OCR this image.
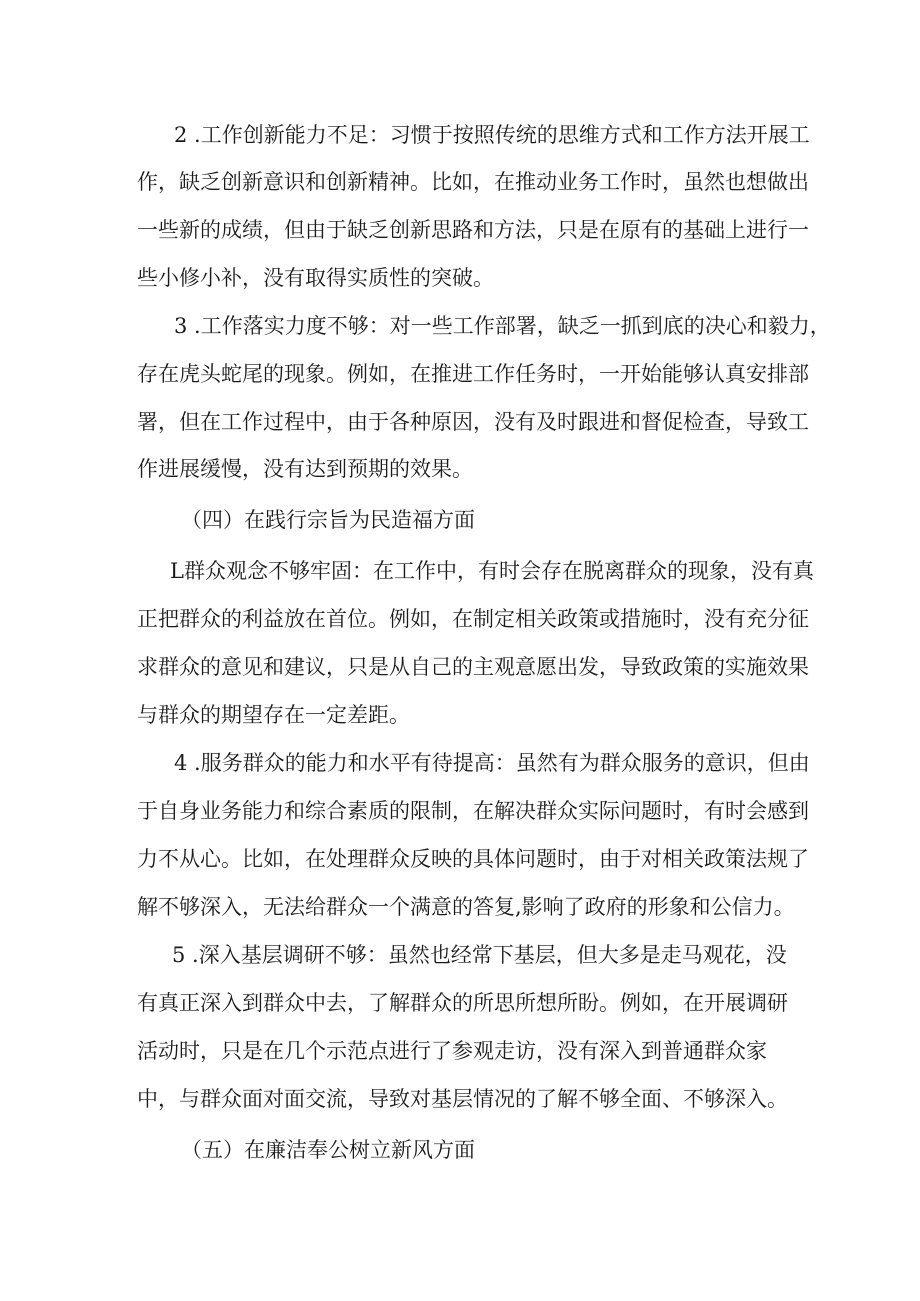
2 .工作创新能力不足：习惯于按照传统的思维方式和工作方法开展工
作，缺乏创新意识和创新精神。比如，在推动业务工作时，虽然也想做出
一些新的成绩，但由于缺乏创新思路和方法，只是在原有的基础上进行一
些小修小补，没有取得实质性的突破。
3 .工作落实力度不够：对一些工作部署，缺乏一抓到底的决心和毅力，
存在虎头蛇尾的现象。例如，在推进工作任务时，一开始能够认真安排部
署，但在工作过程中，由于各种原因，没有及时跟进和督促检查，导致工
作进展缓慢，没有达到预期的效果。
（四）在践行宗旨为民造福方面
L群众观念不够牢固：在工作中，有时会存在脱离群众的现象，没有真
正把群众的利益放在首位。例如，在制定相关政策或措施时，没有充分征
求群众的意见和建议，只是从自己的主观意愿出发，导致政策的实施效果
与群众的期望存在一定差距。
4 .服务群众的能力和水平有待提高：虽然有为群众服务的意识，但由
于自身业务能力和综合素质的限制，在解决群众实际问题时，有时会感到
力不从心。比如，在处理群众反映的具体问题时，由于对相关政策法规了
解不够深入，无法给群众一个满意的答复,影响了政府的形象和公信力。
5 .深入基层调研不够：虽然也经常下基层，但大多是走马观花，没
有真正深入到群众中去，了解群众的所思所想所盼。例如，在开展调研
活动时，只是在几个示范点进行了参观走访，没有深入到普通群众家
中，与群众面对面交流，导致对基层情况的了解不够全面、不够深入。
（五）在廉洁奉公树立新风方面
